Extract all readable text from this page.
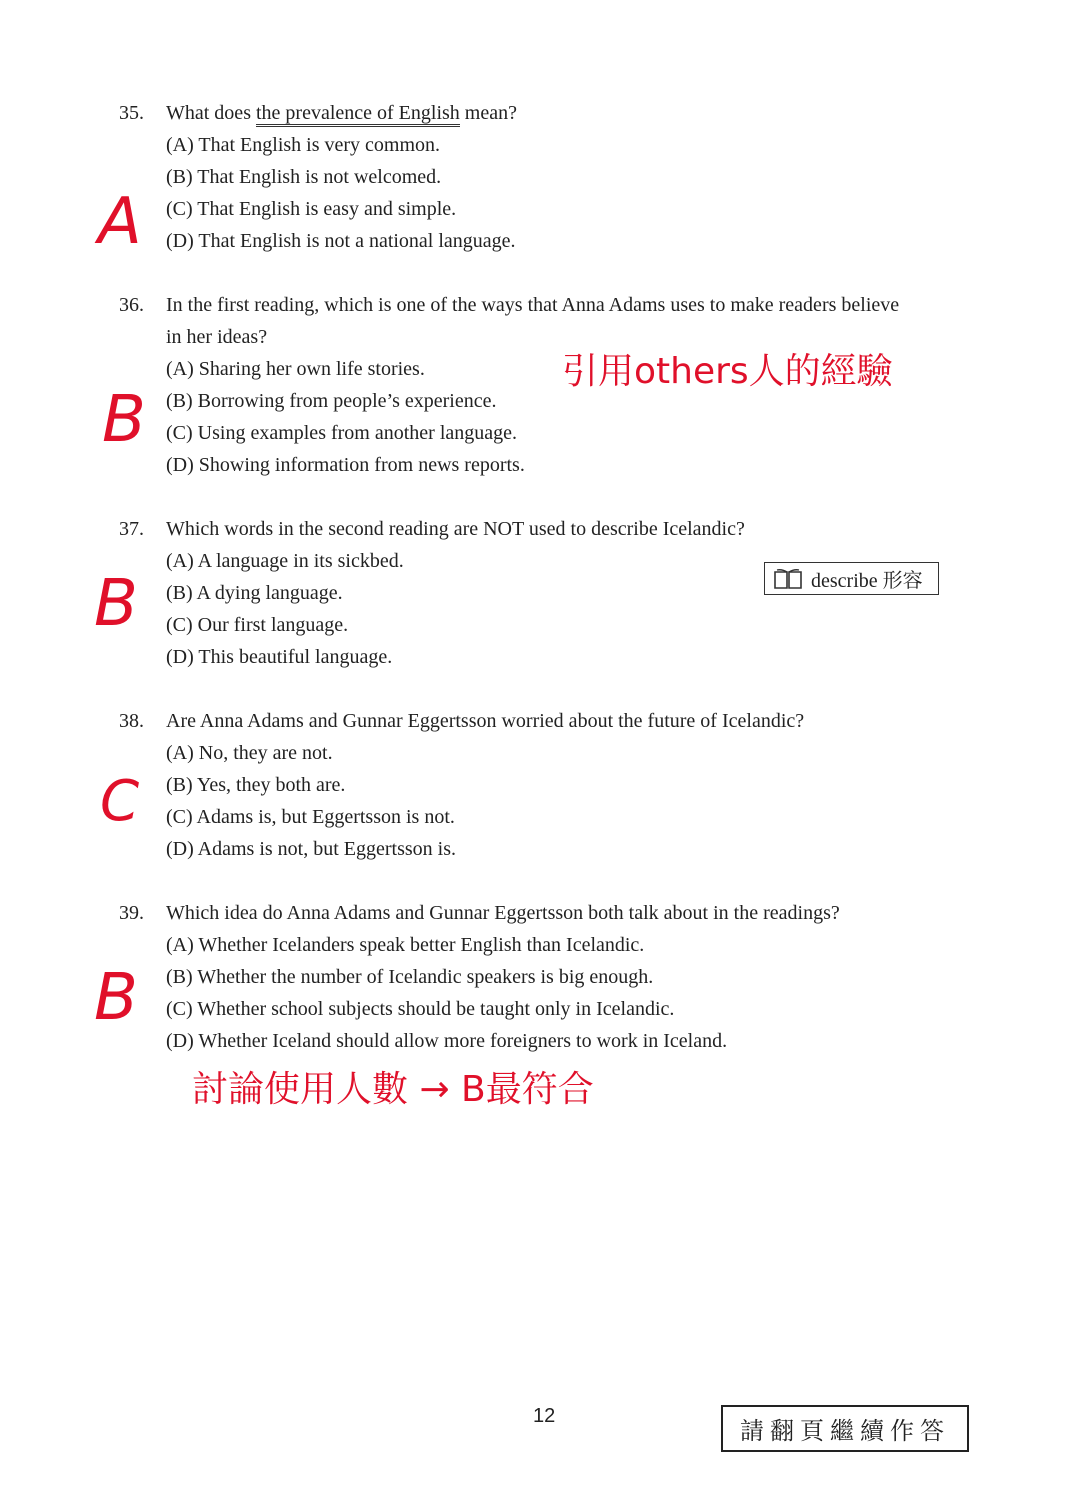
35. What does the prevalence of English mean?
(A) That English is very common.
(B) That English is not welcomed.
(C) That English is easy and simple.
(D) That English is not a national language.
A
36. In the first reading, which is one of the ways that Anna Adams uses to make readers believe
in her ideas?
(A) Sharing her own life stories.
(B) Borrowing from people’s experience.
(C) Using examples from another language.
(D) Showing information from news reports.
B
引用others人的經驗
37. Which words in the second reading are NOT used to describe Icelandic?
(A) A language in its sickbed.
(B) A dying language.
(C) Our first language.
(D) This beautiful language.
B	describe 形容
38. Are Anna Adams and Gunnar Eggertsson worried about the future of Icelandic?
(A) No, they are not.
(B) Yes, they both are.
(C) Adams is, but Eggertsson is not.
(D) Adams is not, but Eggertsson is.
C
39. Which idea do Anna Adams and Gunnar Eggertsson both talk about in the readings?
(A) Whether Icelanders speak better English than Icelandic.
(B) Whether the number of Icelandic speakers is big enough.
(C) Whether school subjects should be taught only in Icelandic.
(D) Whether Iceland should allow more foreigners to work in Iceland.
B
討論使用人數 → B最符合
12
請翻頁繼續作答
